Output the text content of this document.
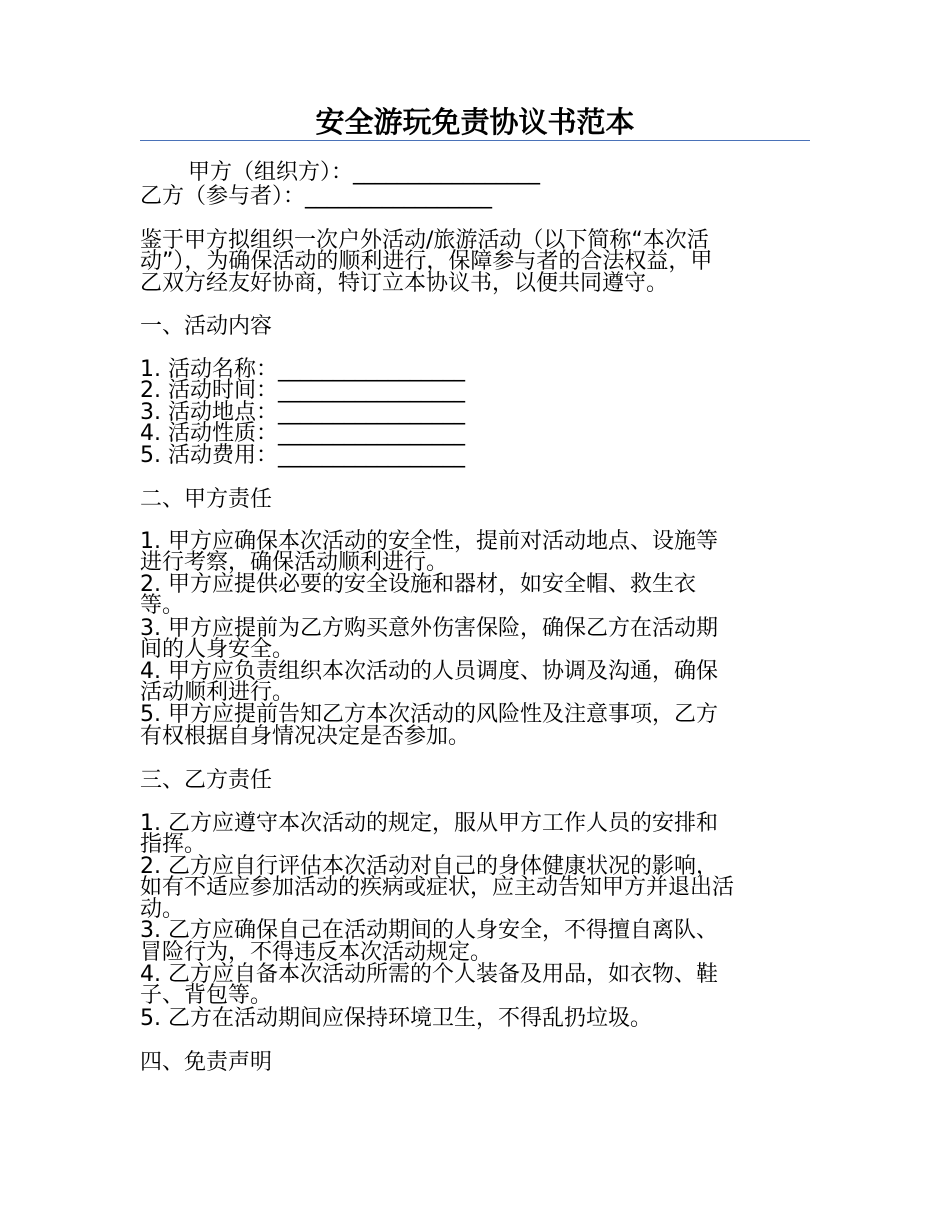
安全游玩免责协议书范本
甲方（组织方）：_________________
乙方（参与者）：_________________
鉴于甲方拟组织一次户外活动/旅游活动（以下简称“本次活
动”），为确保活动的顺利进行，保障参与者的合法权益，甲
乙双方经友好协商，特订立本协议书，以便共同遵守。
一、活动内容
1. 活动名称：_________________
2. 活动时间：_________________
3. 活动地点：_________________
4. 活动性质：_________________
5. 活动费用：_________________
二、甲方责任
1. 甲方应确保本次活动的安全性，提前对活动地点、设施等
进行考察，确保活动顺利进行。
2. 甲方应提供必要的安全设施和器材，如安全帽、救生衣
等。
3. 甲方应提前为乙方购买意外伤害保险，确保乙方在活动期
间的人身安全。
4. 甲方应负责组织本次活动的人员调度、协调及沟通，确保
活动顺利进行。
5. 甲方应提前告知乙方本次活动的风险性及注意事项，乙方
有权根据自身情况决定是否参加。
三、乙方责任
1. 乙方应遵守本次活动的规定，服从甲方工作人员的安排和
指挥。
2. 乙方应自行评估本次活动对自己的身体健康状况的影响，
如有不适应参加活动的疾病或症状，应主动告知甲方并退出活
动。
3. 乙方应确保自己在活动期间的人身安全，不得擅自离队、
冒险行为，不得违反本次活动规定。
4. 乙方应自备本次活动所需的个人装备及用品，如衣物、鞋
子、背包等。
5. 乙方在活动期间应保持环境卫生，不得乱扔垃圾。
四、免责声明
